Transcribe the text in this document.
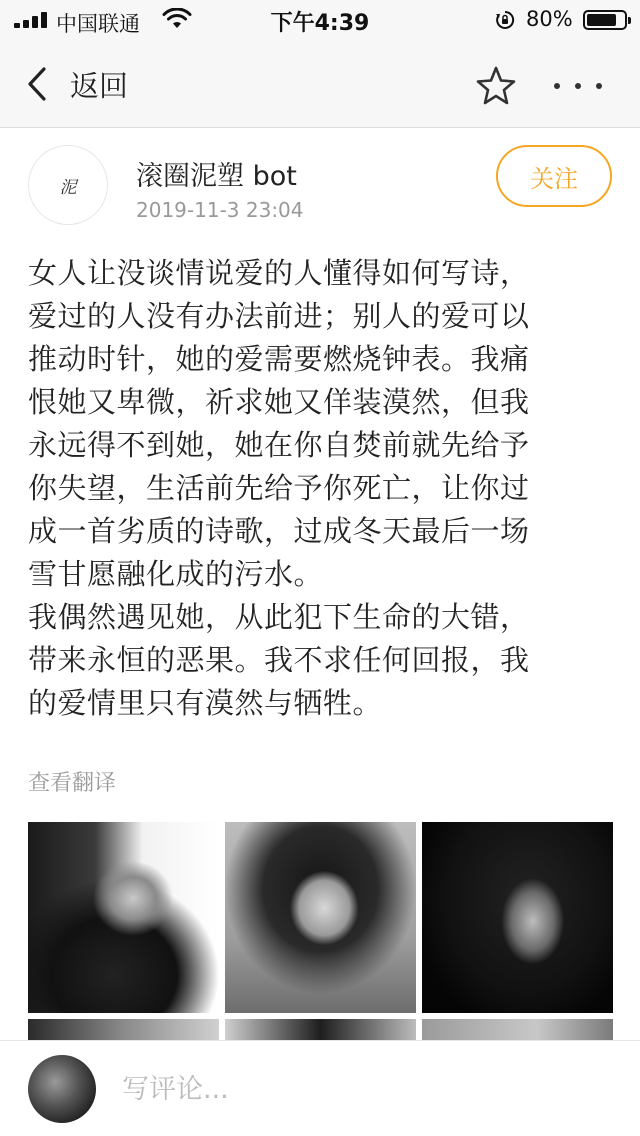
中国联通	下午4:39	80%
返回
泥 滚圈泥塑 bot
2019-11-3 23:04
关注

女人让没谈情说爱的人懂得如何写诗，
爱过的人没有办法前进；别人的爱可以
推动时针，她的爱需要燃烧钟表。我痛
恨她又卑微，祈求她又佯装漠然，但我
永远得不到她，她在你自焚前就先给予
你失望，生活前先给予你死亡，让你过
成一首劣质的诗歌，过成冬天最后一场
雪甘愿融化成的污水。

我偶然遇见她，从此犯下生命的大错，
带来永恒的恶果。我不求任何回报，我
的爱情里只有漠然与牺牲。

查看翻译
写评论...
